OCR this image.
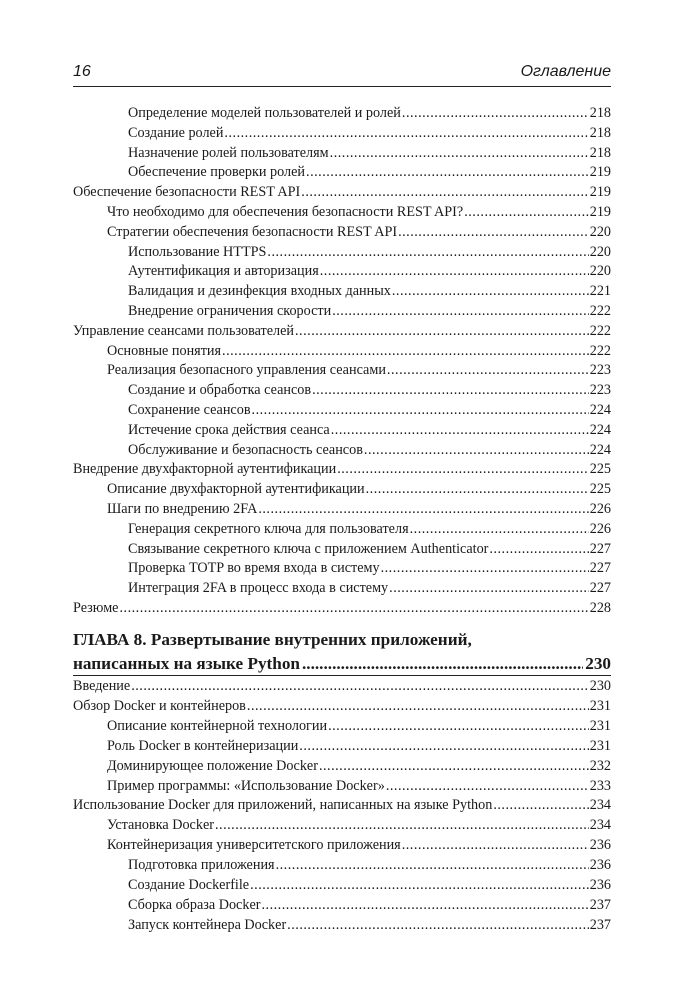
16	Оглавление
Определение моделей пользователей и ролей .....	218
Создание ролей .....	218
Назначение ролей пользователям .....	218
Обеспечение проверки ролей .....	219
Обеспечение безопасности REST API .....	219
Что необходимо для обеспечения безопасности REST API? .....	219
Стратегии обеспечения безопасности REST API .....	220
Использование HTTPS .....	220
Аутентификация и авторизация .....	220
Валидация и дезинфекция входных данных .....	221
Внедрение ограничения скорости .....	222
Управление сеансами пользователей .....	222
Основные понятия .....	222
Реализация безопасного управления сеансами .....	223
Создание и обработка сеансов .....	223
Сохранение сеансов .....	224
Истечение срока действия сеанса .....	224
Обслуживание и безопасность сеансов .....	224
Внедрение двухфакторной аутентификации .....	225
Описание двухфакторной аутентификации .....	225
Шаги по внедрению 2FA .....	226
Генерация секретного ключа для пользователя .....	226
Связывание секретного ключа с приложением Authenticator .....	227
Проверка TOTP во время входа в систему .....	227
Интеграция 2FA в процесс входа в систему .....	227
Резюме .....	228
ГЛАВА 8. Развертывание внутренних приложений,
написанных на языке Python .....	230
Введение .....	230
Обзор Docker и контейнеров .....	231
Описание контейнерной технологии .....	231
Роль Docker в контейнеризации .....	231
Доминирующее положение Docker .....	232
Пример программы: «Использование Docker» .....	233
Использование Docker для приложений, написанных на языке Python .....	234
Установка Docker .....	234
Контейнеризация университетского приложения .....	236
Подготовка приложения .....	236
Создание Dockerfile .....	236
Сборка образа Docker .....	237
Запуск контейнера Docker .....	237
